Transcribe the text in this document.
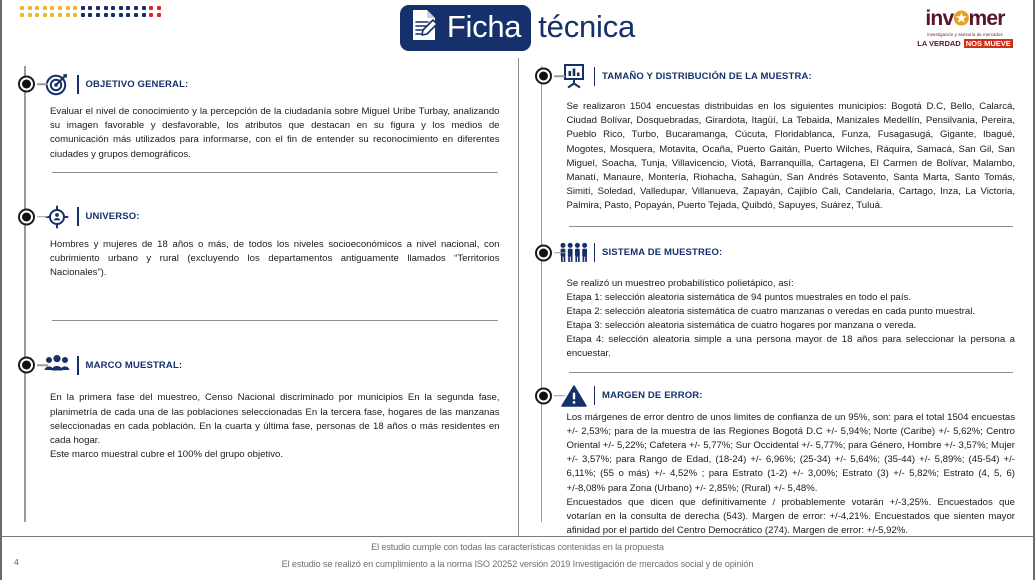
Ficha técnica	inv✪mer
investigación y asesoría de mercados
LA VERDAD NOS MUEVE
OBJETIVO GENERAL:

Evaluar el nivel de conocimiento y la percepción de la ciudadanía sobre Miguel Uribe Turbay, analizando su imagen favorable y desfavorable, los atributos que destacan en su figura y los medios de comunicación más utilizados para informarse, con el fin de entender su reconocimiento en diferentes ciudades y grupos demográficos.

UNIVERSO:

Hombres y mujeres de 18 años o más, de todos los niveles socioeconómicos a nivel nacional, con cubrimiento urbano y rural (excluyendo los departamentos antiguamente llamados “Territorios Nacionales”).

MARCO MUESTRAL:

En la primera fase del muestreo, Censo Nacional discriminado por municipios En la segunda fase, planimetría de cada una de las poblaciones seleccionadas En la tercera fase, hogares de las manzanas seleccionadas en cada población. En la cuarta y última fase, personas de 18 años o más residentes en cada hogar.

Este marco muestral cubre el 100% del grupo objetivo.

TAMAÑO Y DISTRIBUCIÓN DE LA MUESTRA:

Se realizaron 1504 encuestas distribuidas en los siguientes municipios: Bogotá D.C, Bello, Calarcá, Ciudad Bolívar, Dosquebradas, Girardota, Itagüí, La Tebaida, Manizales Medellín, Pensilvania, Pereira, Pueblo Rico, Turbo, Bucaramanga, Cúcuta, Floridablanca, Funza, Fusagasugá, Gigante, Ibagué, Mogotes, Mosquera, Motavita, Ocaña, Puerto Gaitán, Puerto Wilches, Ráquira, Samacá, San Gil, San Miguel, Soacha, Tunja, Villavicencio, Viotá, Barranquilla, Cartagena, El Carmen de Bolívar, Malambo, Manatí, Manaure, Montería, Riohacha, Sahagún, San Andrés Sotavento, Santa Marta, Santo Tomás, Simití, Soledad, Valledupar, Villanueva, Zapayán, Cajibío Cali, Candelaria, Cartago, Inza, La Victoria, Palmira, Pasto, Popayán, Puerto Tejada, Quibdó, Sapuyes, Suárez, Tuluá.

SISTEMA DE MUESTREO:

Se realizó un muestreo probabilístico polietápico, así:

Etapa 1: selección aleatoria sistemática de 94 puntos muestrales en todo el país.

Etapa 2: selección aleatoria sistemática de cuatro manzanas o veredas en cada punto muestral.

Etapa 3: selección aleatoria sistemática de cuatro hogares por manzana o vereda.

Etapa 4: selección aleatoria simple a una persona mayor de 18 años para seleccionar la persona a encuestar.

MARGEN DE ERROR:

Los márgenes de error dentro de unos limites de confianza de un 95%, son: para el total 1504 encuestas +/- 2,53%; para de la muestra de las Regiones Bogotá D.C +/- 5,94%; Norte (Caribe) +/- 5,62%; Centro Oriental +/- 5,22%; Cafetera +/- 5,77%; Sur Occidental +/- 5,77%; para Género, Hombre +/- 3,57%; Mujer +/- 3,57%; para Rango de Edad, (18-24) +/- 6,96%; (25-34) +/- 5,64%; (35-44) +/- 5,89%; (45-54) +/- 6,11%; (55 o más) +/- 4,52% ; para Estrato (1-2) +/- 3,00%; Estrato (3) +/- 5,82%; Estrato (4, 5, 6) +/-8,08% para Zona (Urbano) +/- 2,85%; (Rural) +/- 5,48%.

Encuestados que dicen que definitivamente / probablemente votarán +/-3,25%. Encuestados que votarían en la consulta de derecha (543). Margen de error: +/-4,21%. Encuestados que sienten mayor afinidad por el partido del Centro Democrático (274). Margen de error: +/-5,92%.

4
El estudio cumple con todas las características contenidas en la propuesta
El estudio se realizó en cumplimiento a la norma ISO 20252 versión 2019 Investigación de mercados social y de opinión
